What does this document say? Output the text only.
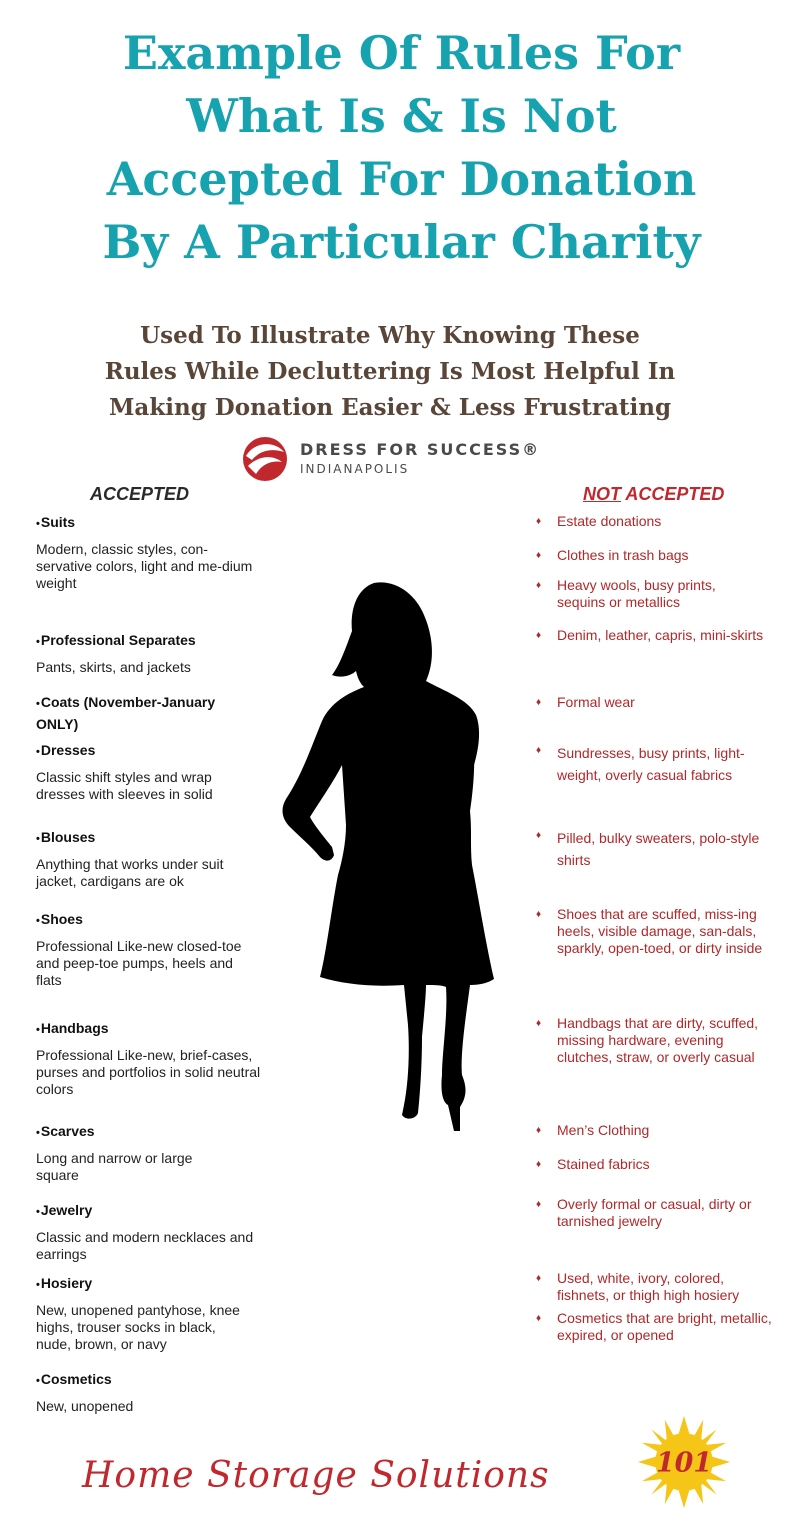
Example Of Rules For
What Is & Is Not
Accepted For Donation
By A Particular Charity
Used To Illustrate Why Knowing These
Rules While Decluttering Is Most Helpful In
Making Donation Easier & Less Frustrating
DRESS FOR SUCCESS®
INDIANAPOLIS
ACCEPTED	NOT ACCEPTED
• Suits
Modern, classic styles, con-servative colors, light and me-dium weight
• Professional Separates
Pants, skirts, and jackets
• Coats (November-January ONLY)
• Dresses
Classic shift styles and wrap dresses with sleeves in solid
• Blouses
Anything that works under suit jacket, cardigans are ok
• Shoes
Professional Like-new closed-toe and peep-toe pumps, heels and flats
• Handbags
Professional Like-new, brief-cases, purses and portfolios in solid neutral colors
• Scarves
Long and narrow or large square
• Jewelry
Classic and modern necklaces and earrings
• Hosiery
New, unopened pantyhose, knee highs, trouser socks in black, nude, brown, or navy
• Cosmetics
New, unopened
♦ Estate donations
♦ Clothes in trash bags
♦ Heavy wools, busy prints, sequins or metallics
♦ Denim, leather, capris, mini-skirts
♦ Formal wear
♦ Sundresses, busy prints, light-weight, overly casual fabrics
♦ Pilled, bulky sweaters, polo-style shirts
♦ Shoes that are scuffed, miss-ing heels, visible damage, san-dals, sparkly, open-toed, or dirty inside
♦ Handbags that are dirty, scuffed, missing hardware, evening clutches, straw, or overly casual
♦ Men’s Clothing
♦ Stained fabrics
♦ Overly formal or casual, dirty or tarnished jewelry
♦ Used, white, ivory, colored, fishnets, or thigh high hosiery
♦ Cosmetics that are bright, metallic, expired, or opened
Home Storage Solutions	101
